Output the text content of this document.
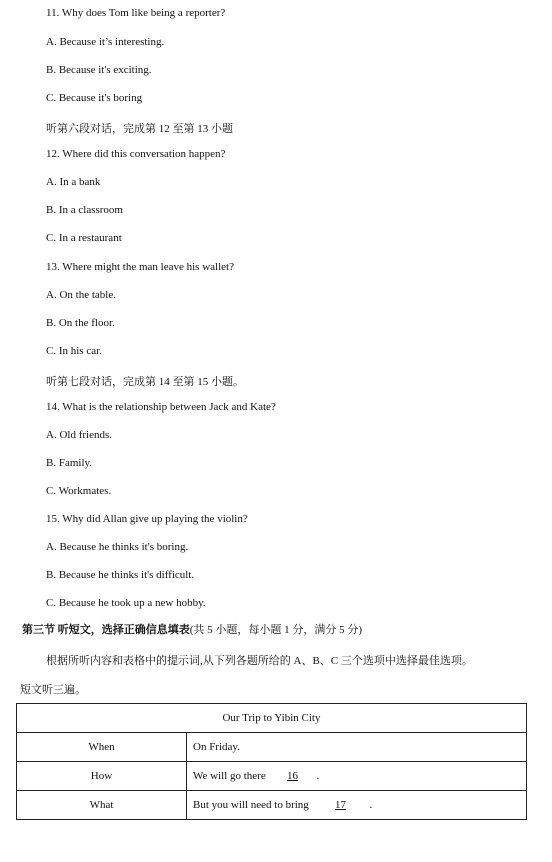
11. Why does Tom like being a reporter?
A. Because it’s interesting.
B. Because it's exciting.
C. Because it's boring
听第六段对话，完成第 12 至第 13 小题
12. Where did this conversation happen?
A. In a bank
B. In a classroom
C. In a restaurant
13. Where might the man leave his wallet?
A. On the table.
B. On the floor.
C. In his car.
听第七段对话，完成第 14 至第 15 小题。
14. What is the relationship between Jack and Kate?
A. Old friends.
B. Family.
C. Workmates.
15. Why did Allan give up playing the violin?
A. Because he thinks it's boring.
B. Because he thinks it's difficult.
C. Because he took up a new hobby.
第三节 听短文，选择正确信息填表(共 5 小题，每小题 1 分，满分 5 分)
根据所听内容和表格中的提示词,从下列各题所给的 A、B、C 三个选项中选择最佳选项。
短文听三遍。
Our Trip to Yibin City	
When	On Friday.
How	We will go there 16 .
What	But you will need to bring 17 .
